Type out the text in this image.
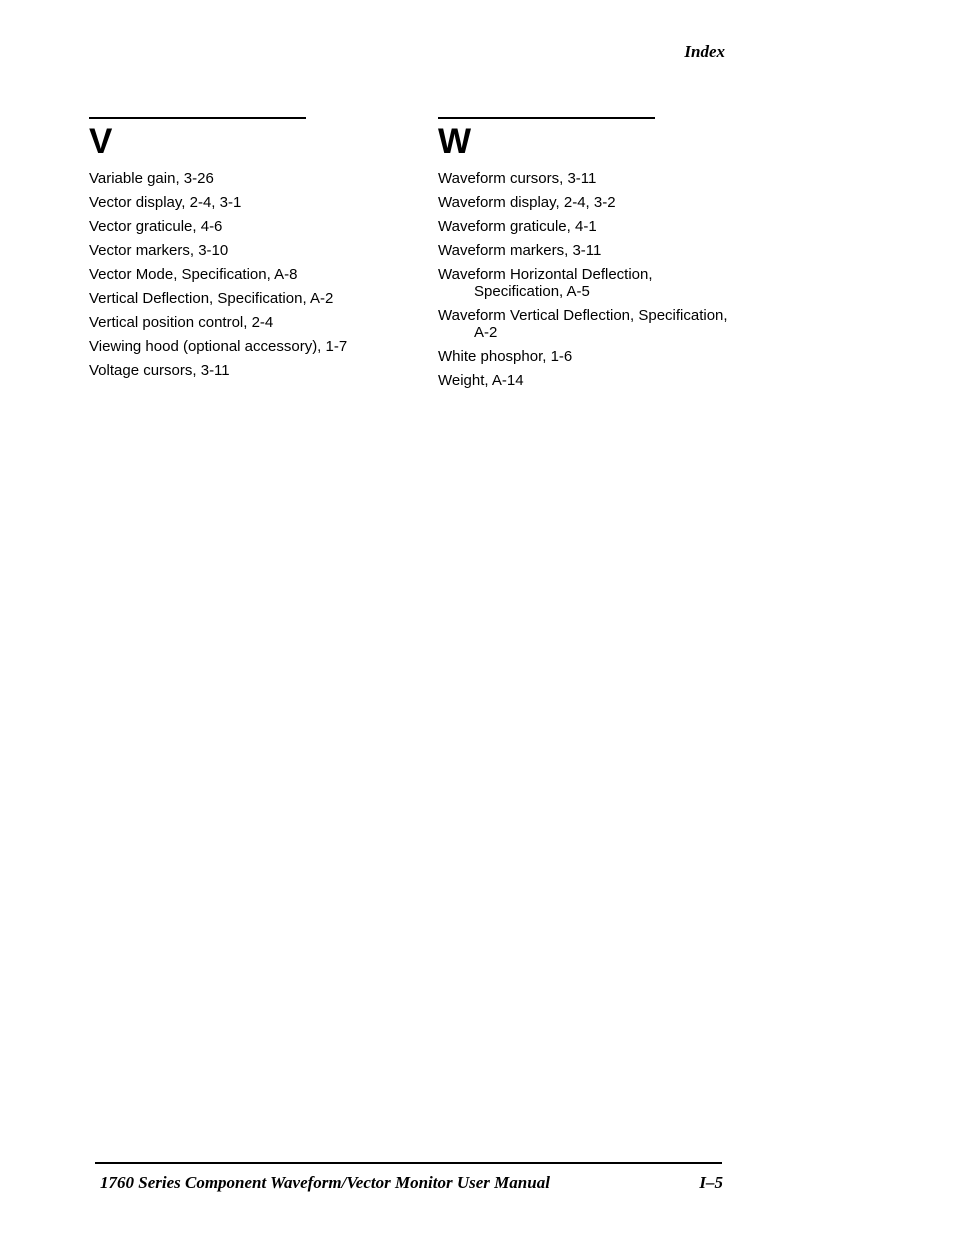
Index
V
Variable gain, 3-26
Vector display, 2-4, 3-1
Vector graticule, 4-6
Vector markers, 3-10
Vector Mode, Specification, A-8
Vertical Deflection, Specification, A-2
Vertical position control, 2-4
Viewing hood (optional accessory), 1-7
Voltage cursors, 3-11
W
Waveform cursors, 3-11
Waveform display, 2-4, 3-2
Waveform graticule, 4-1
Waveform markers, 3-11
Waveform Horizontal Deflection, Specification, A-5
Waveform Vertical Deflection, Specification, A-2
White phosphor, 1-6
Weight, A-14
1760 Series Component Waveform/Vector Monitor User Manual	I–5
